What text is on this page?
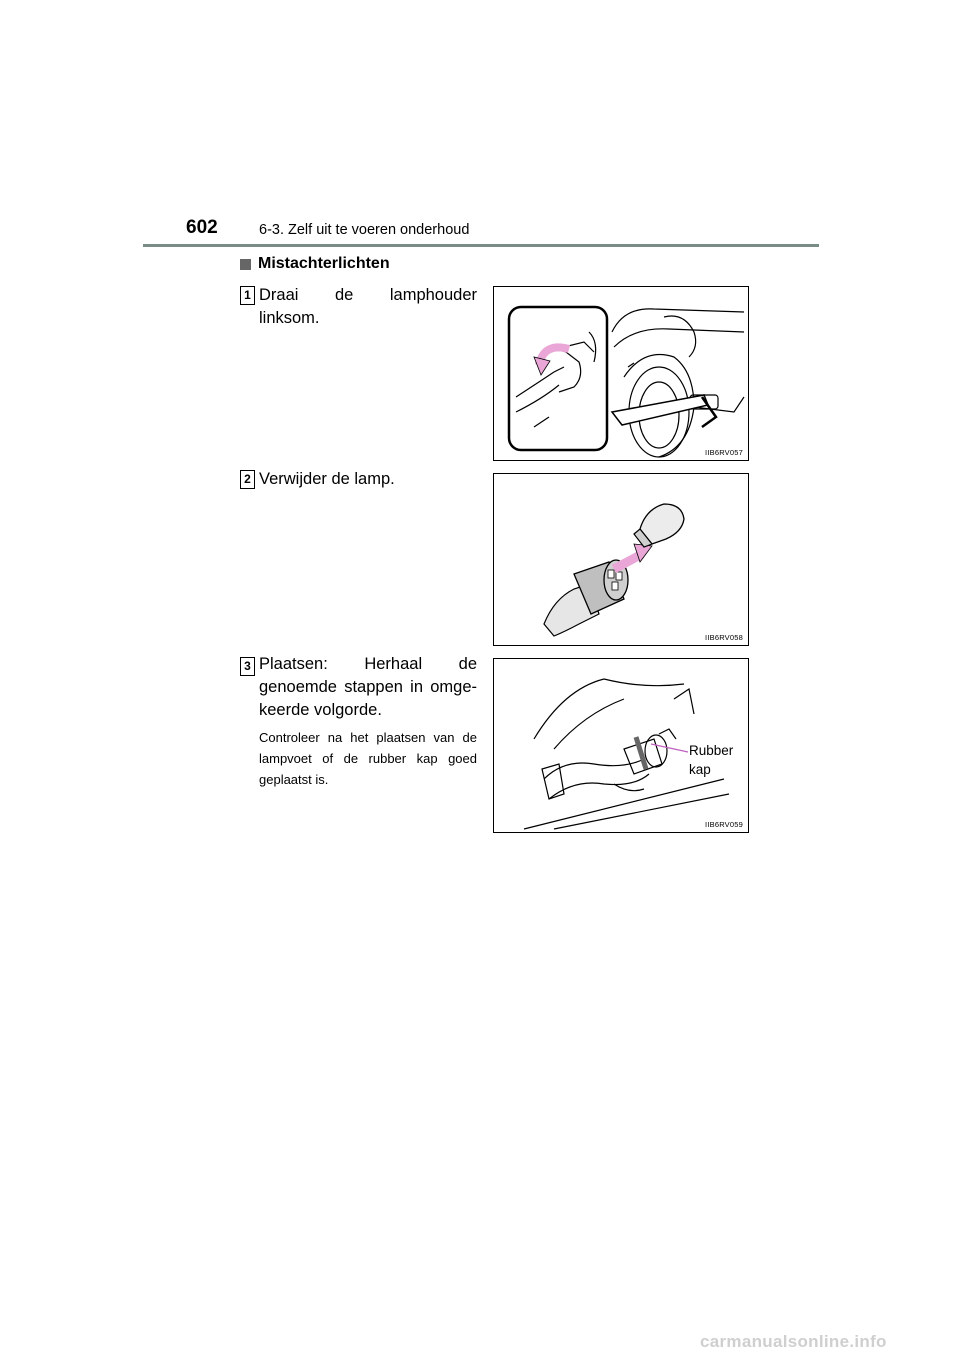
602	6-3. Zelf uit te voeren onderhoud
Mistachterlichten
1 Draai de lamphouder linksom.
2 Verwijder de lamp.
3 Plaatsen: Herhaal de genoemde stappen in omge-keerde volgorde.
Controleer na het plaatsen van de lampvoet of de rubber kap goed geplaatst is.
IIB6RV057
IIB6RV058
Rubber kap
IIB6RV059
carmanualsonline.info
